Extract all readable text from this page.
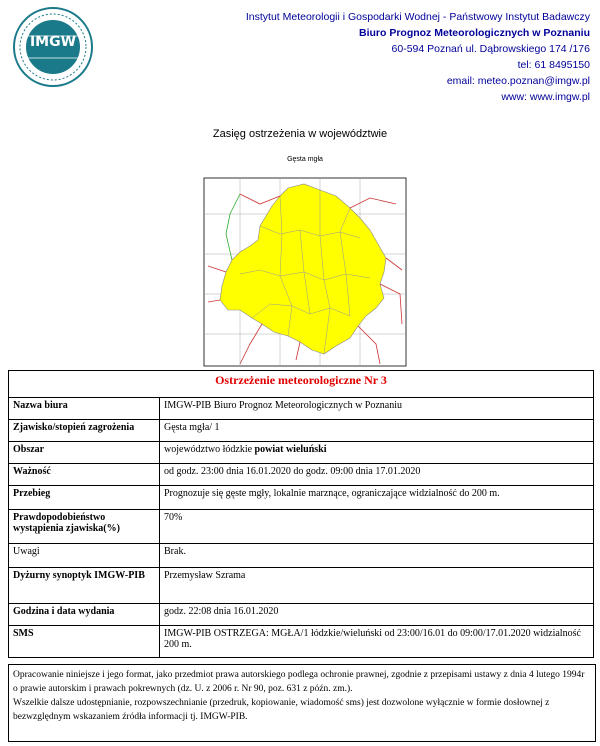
IMGW
Instytut Meteorologii i Gospodarki Wodnej - Państwowy Instytut Badawczy
Biuro Prognoz Meteorologicznych w Poznaniu
60-594 Poznań ul. Dąbrowskiego 174 /176
tel: 61 8495150
email: meteo.poznan@imgw.pl
www: www.imgw.pl
Zasięg ostrzeżenia w województwie
Gęsta mgła
Ostrzeżenie meteorologiczne Nr 3	
Nazwa biura	IMGW-PIB Biuro Prognoz Meteorologicznych w Poznaniu
Zjawisko/stopień zagrożenia	Gęsta mgła/ 1
Obszar	województwo łódzkie powiat wieluński
Ważność	od godz. 23:00 dnia 16.01.2020 do godz. 09:00 dnia 17.01.2020
Przebieg	Prognozuje się gęste mgły, lokalnie marznące, ograniczające widzialność do 200 m.
Prawdopodobieństwo wystąpienia zjawiska(%)	70%
Uwagi	Brak.
Dyżurny synoptyk IMGW-PIB	Przemysław Szrama
Godzina i data wydania	godz. 22:08 dnia 16.01.2020
SMS	IMGW-PIB OSTRZEGA: MGŁA/1 łódzkie/wieluński od 23:00/16.01 do 09:00/17.01.2020 widzialność 200 m.
Opracowanie niniejsze i jego format, jako przedmiot prawa autorskiego podlega ochronie prawnej, zgodnie z przepisami ustawy z dnia 4 lutego 1994r o prawie autorskim i prawach pokrewnych (dz. U. z 2006 r. Nr 90, poz. 631 z późn. zm.).
Wszelkie dalsze udostępnianie, rozpowszechnianie (przedruk, kopiowanie, wiadomość sms) jest dozwolone wyłącznie w formie dosłownej z bezwzględnym wskazaniem źródła informacji tj. IMGW-PIB.
